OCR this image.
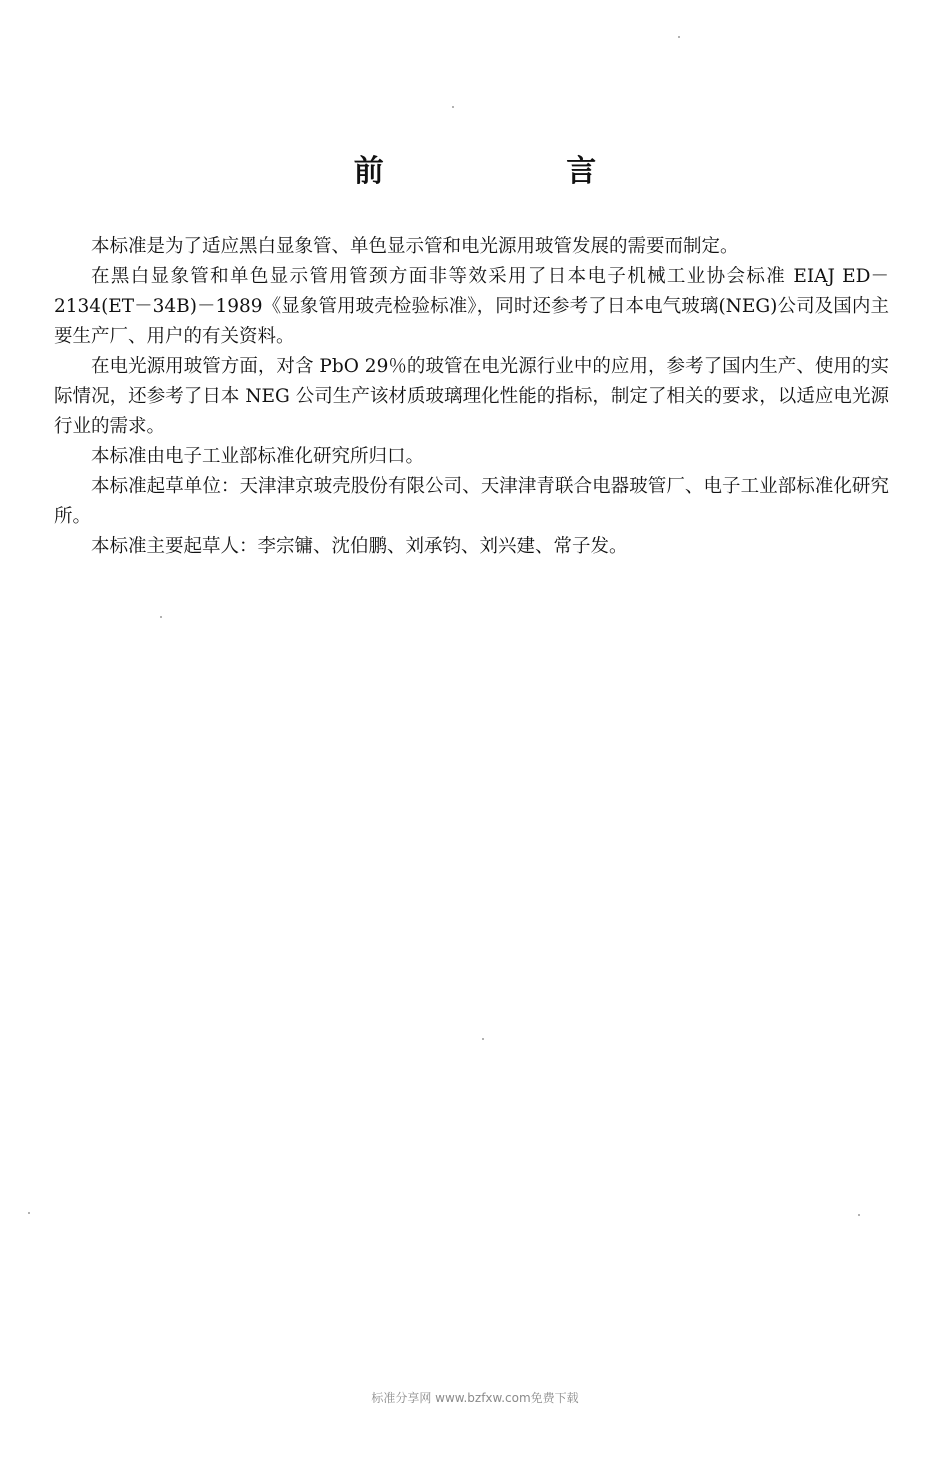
前 言

本标准是为了适应黑白显象管、单色显示管和电光源用玻管发展的需要而制定。

在黑白显象管和单色显示管用管颈方面非等效采用了日本电子机械工业协会标准 EIAJ ED－2134(ET－34B)－1989《显象管用玻壳检验标准》，同时还参考了日本电气玻璃(NEG)公司及国内主要生产厂、用户的有关资料。

在电光源用玻管方面，对含 PbO 29％的玻管在电光源行业中的应用，参考了国内生产、使用的实际情况，还参考了日本 NEG 公司生产该材质玻璃理化性能的指标，制定了相关的要求，以适应电光源行业的需求。

本标准由电子工业部标准化研究所归口。

本标准起草单位：天津津京玻壳股份有限公司、天津津青联合电器玻管厂、电子工业部标准化研究所。

本标准主要起草人：李宗镛、沈伯鹏、刘承钧、刘兴建、常子发。

标准分享网 www.bzfxw.com免费下载
